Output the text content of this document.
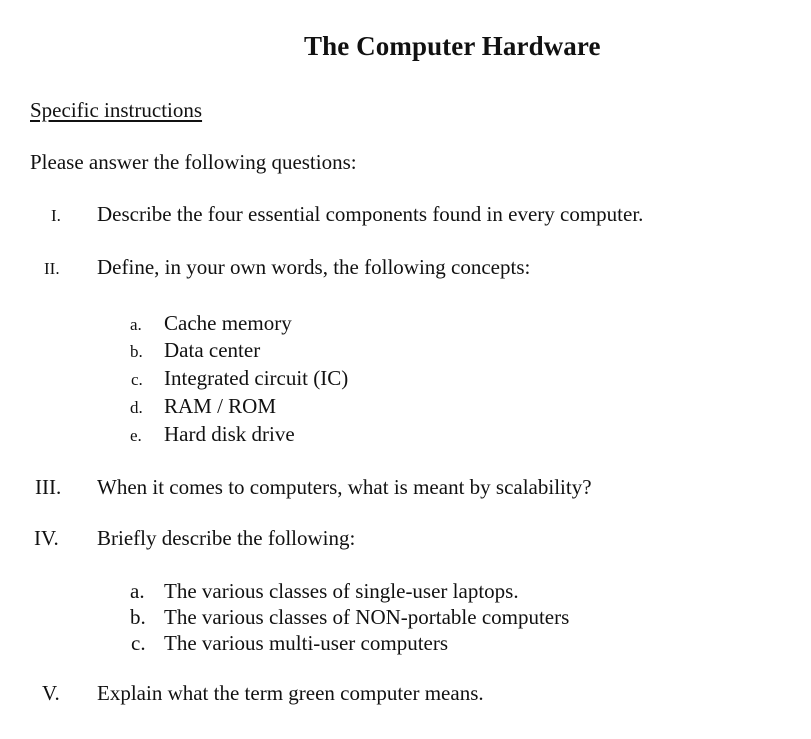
The Computer Hardware
Specific instructions
Please answer the following questions:
I. Describe the four essential components found in every computer.
II. Define, in your own words, the following concepts:
a. Cache memory
b. Data center
c. Integrated circuit (IC)
d. RAM / ROM
e. Hard disk drive
III. When it comes to computers, what is meant by scalability?
IV. Briefly describe the following:
a. The various classes of single-user laptops.
b. The various classes of NON-portable computers
c. The various multi-user computers
V. Explain what the term green computer means.
